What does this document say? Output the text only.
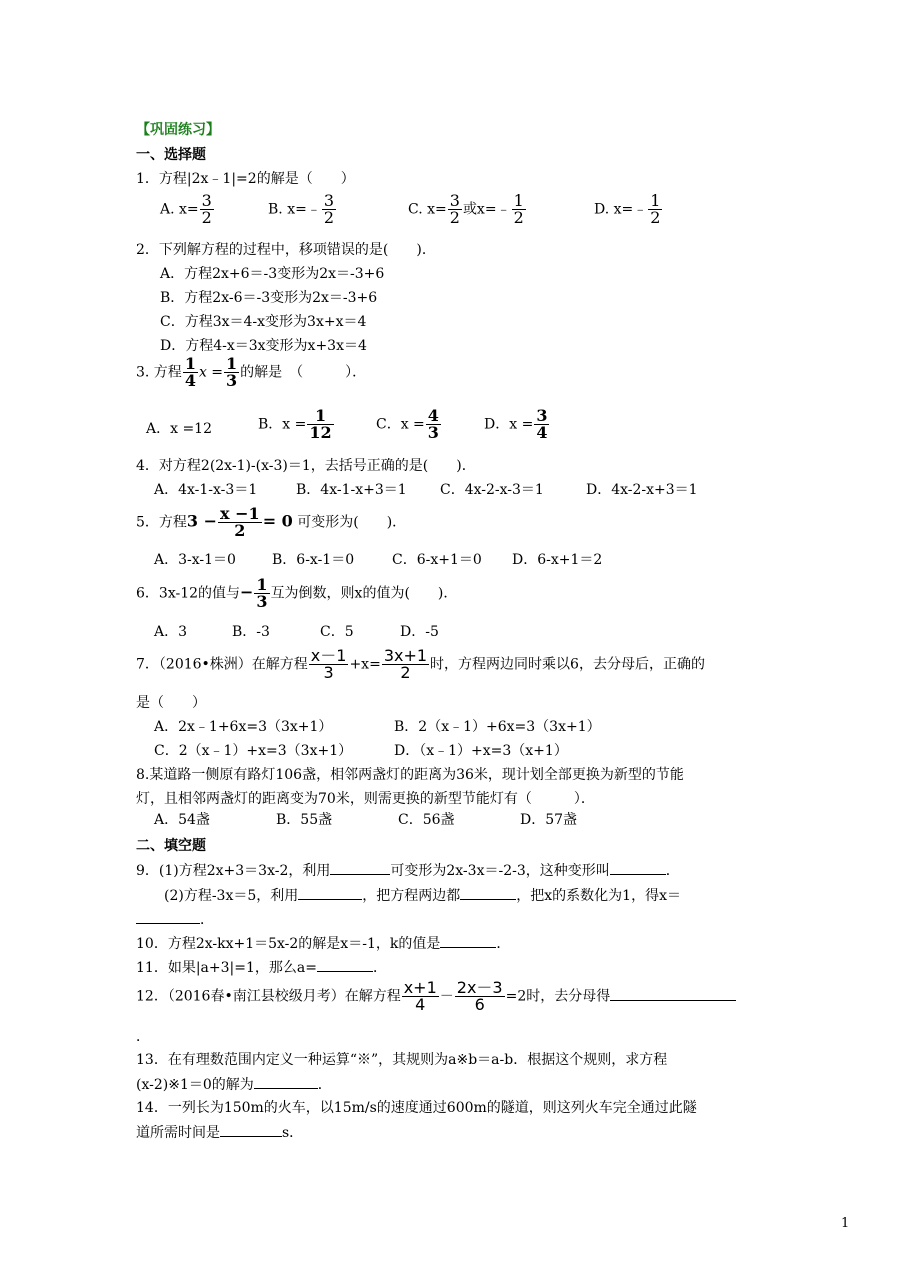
【巩固练习】
一、选择题
1．方程|2x﹣1|=2的解是（　　）
A. $x= \frac{3}{2}$	B. x=﹣ $\frac{3}{2}$	C. $x= \frac{3}{2}$ 或x=﹣ $\frac{1}{2}$	D. x=﹣ $\frac{1}{2}$
2．下列解方程的过程中，移项错误的是(　　)．
A．方程2x+6＝-3变形为2x＝-3+6
B．方程2x-6＝-3变形为2x＝-3+6
C．方程3x＝4-x变形为3x+x＝4
D．方程4-x＝3x变形为x+3x＝4
3. 方程 $\frac{1}{4}$ $x = \frac{1}{3}$ 的解是　（　　　）．
A．x =12	B．$x = \frac{1}{12}$	C．$x = \frac{4}{3}$	D．$x = \frac{3}{4}$
4．对方程2(2x-1)-(x-3)＝1，去括号正确的是(　　)．
A．4x-1-x-3＝1	B．4x-1-x+3＝1 C．4x-2-x-3＝1	D．4x-2-x+3＝1
5．方程$3 - \frac{x -1}{2} = 0$ 可变形为(　　)．
A．3-x-1＝0	B．6-x-1＝0	C．6-x+1＝0 D．6-x+1＝2
6．3x-12的值与− $\frac{1}{3}$ 互为倒数，则x的值为(　　)．
A．3	B．-3	C．5	D．-5
7．（2016•株洲）在解方程 $\frac{x-1}{3} +x= \frac{3x+1}{2}$ 时，方程两边同时乘以6，去分母后，正确的
是（　　）
A．2x﹣1+6x=3（3x+1）	B．2（x﹣1）+6x=3（3x+1）
C．2（x﹣1）+x=3（3x+1）	D．（x﹣1）+x=3（x+1）
8.某道路一侧原有路灯106盏，相邻两盏灯的距离为36米，现计划全部更换为新型的节能
灯，且相邻两盏灯的距离变为70米，则需更换的新型节能灯有（　　　）．
A．54盏	B．55盏	C．56盏	D．57盏
二、填空题
9．(1)方程2x+3＝3x-2，利用	可变形为2x-3x＝-2-3，这种变形叫	．
(2)方程-3x＝5，利用	，把方程两边都	，把x的系数化为1，得x＝
．
10．方程2x-kx+1＝5x-2的解是x＝-1，k的值是	．
11．如果|a+3|=1，那么a=	．
12．（2016春•南江县校级月考）在解方程 $\frac{x+1}{4} - \frac{2x-3}{6} =2$时，去分母得
．
13．在有理数范围内定义一种运算“※”，其规则为a※b＝a-b．根据这个规则，求方程
(x-2)※1＝0的解为	．
14．一列长为150m的火车，以15m/s的速度通过600m的隧道，则这列火车完全通过此隧
道所需时间是	s．
1
